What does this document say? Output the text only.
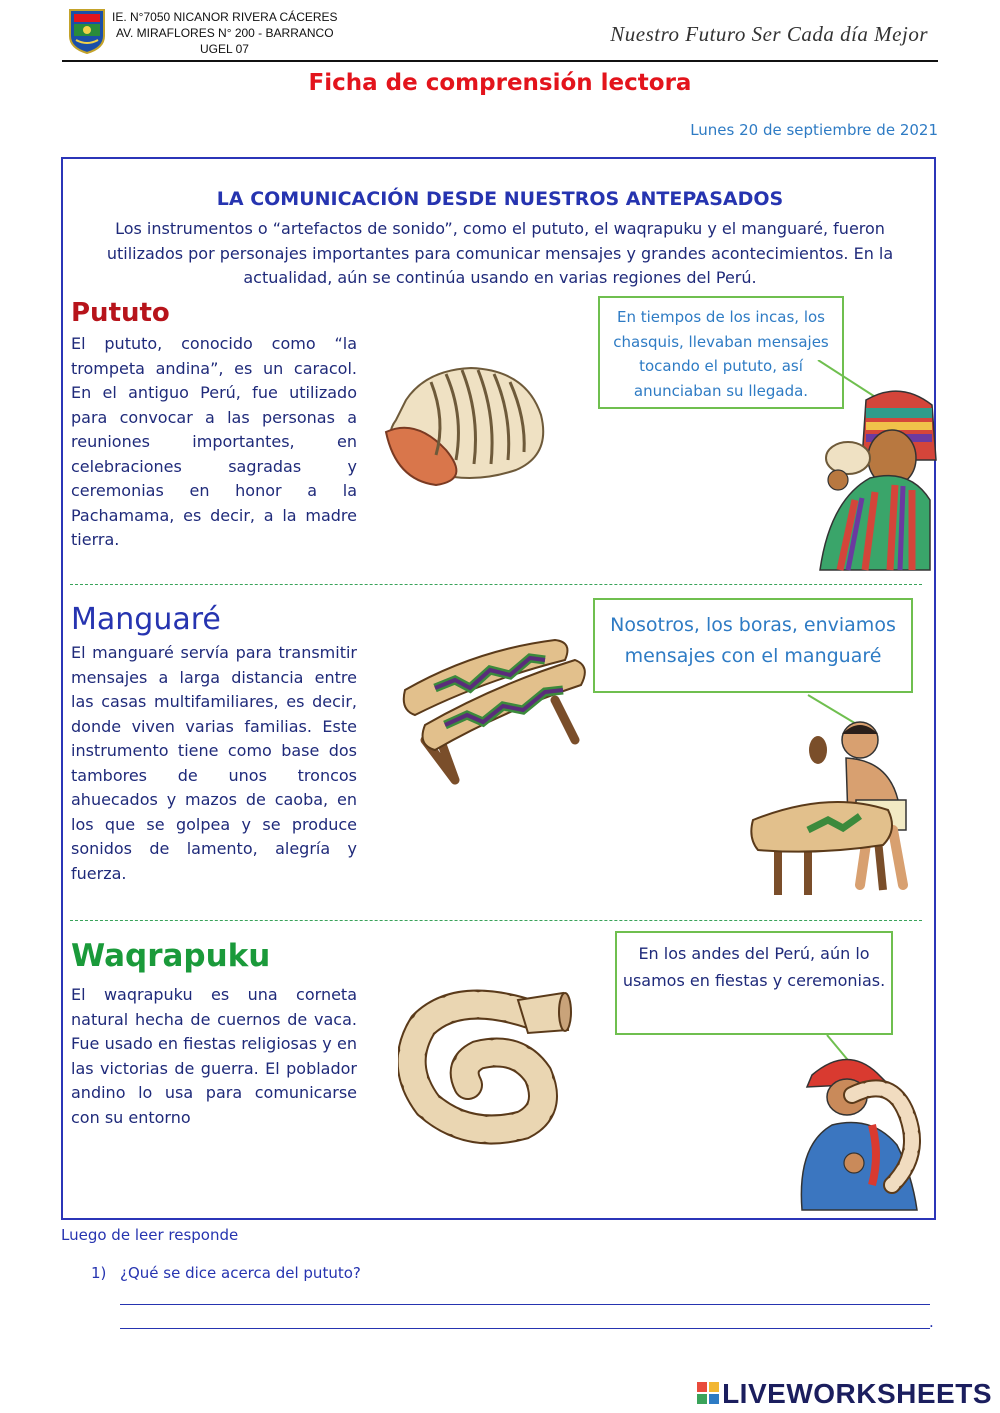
IE. N°7050 NICANOR RIVERA CÁCERES
AV. MIRAFLORES N° 200 - BARRANCO
UGEL 07
Nuestro Futuro Ser Cada día Mejor
Ficha de comprensión lectora
Lunes 20 de septiembre de 2021
LA COMUNICACIÓN DESDE NUESTROS ANTEPASADOS
Los instrumentos o “artefactos de sonido”, como el pututo, el waqrapuku y el manguaré, fueron utilizados por personajes importantes para comunicar mensajes y grandes acontecimientos. En la actualidad, aún se continúa usando en varias regiones del Perú.
Pututo
El pututo, conocido como “la trompeta andina”, es un caracol. En el antiguo Perú, fue utilizado para convocar a las personas a reuniones importantes, en celebraciones sagradas y ceremonias en honor a la Pachamama, es decir, a la madre tierra.
En tiempos de los incas, los chasquis, llevaban mensajes tocando el pututo, así anunciaban su llegada.
Manguaré
El manguaré servía para transmitir mensajes a larga distancia entre las casas multifamiliares, es decir, donde viven varias familias. Este instrumento tiene como base dos tambores de unos troncos ahuecados y mazos de caoba, en los que se golpea y se produce sonidos de lamento, alegría y fuerza.
Nosotros, los boras, enviamos mensajes con el manguaré
Waqrapuku
El waqrapuku es una corneta natural hecha de cuernos de vaca. Fue usado en fiestas religiosas y en las victorias de guerra. El poblador andino lo usa para comunicarse con su entorno
En los andes del Perú, aún lo usamos en fiestas y ceremonias.
Luego de leer responde
1) ¿Qué se dice acerca del pututo?
.
LIVEWORKSHEETS
